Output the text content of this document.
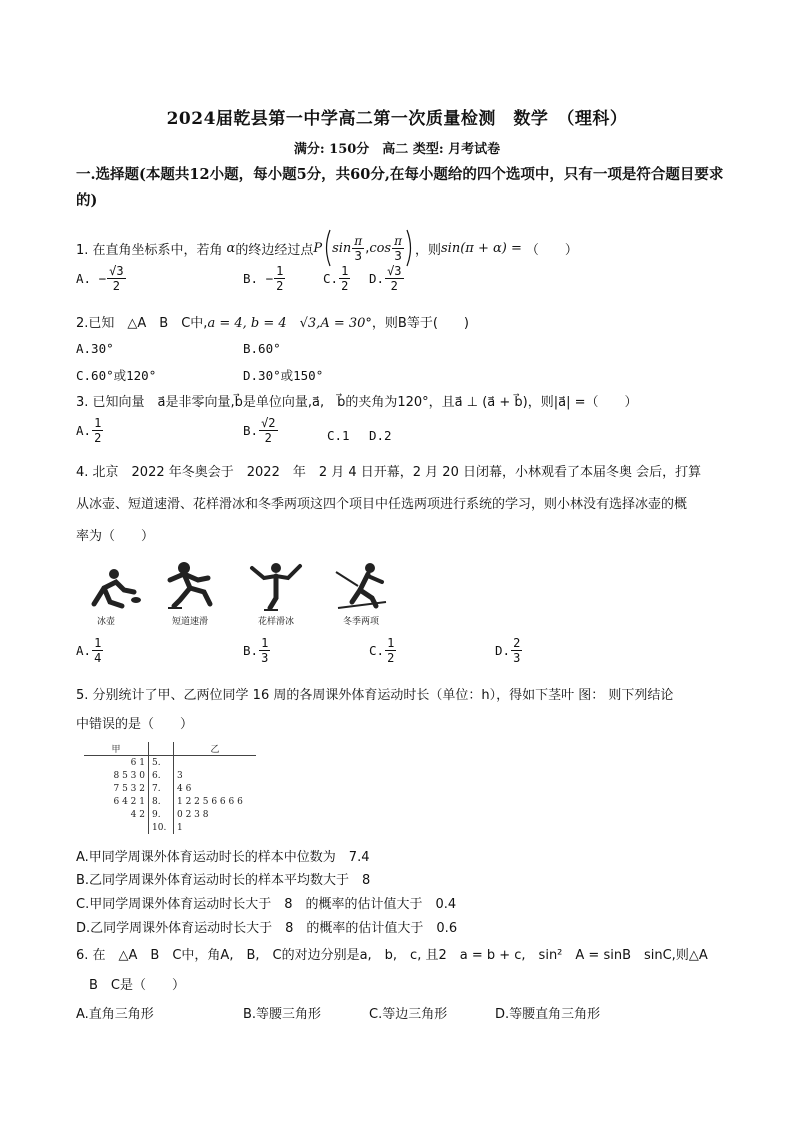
2024届乾县第一中学高二第一次质量检测　数学　（理科）
满分: 150分　高二 类型: 月考试卷
一.选择题(本题共12小题，每小题5分，共60分,在每小题给的四个选项中，只有一项是符合题目要求的)
1. 在直角坐标系中，若角 α 的终边经过点 P $\sin \frac{\pi}{3}$ , $\cos \frac{\pi}{3}$ ，则 sin(π + α) = （　　）
A. − $\frac{√3}{2}$	B. − $\frac{1}{2}$	C. $\frac{1}{2} D$. $\frac{√3}{2}$
2.已知　△A　B　C中,a = 4, b = 4　√3,A = 30°，则B等于(　　)
A.30°	B.60°
C.60°或120°	D.30°或150°
3. 已知向量　a⃗是非零向量,b⃗是单位向量,a⃗,　b⃗的夹角为120°，且a⃗ ⊥ (a⃗ + b⃗)，则|a⃗| =（　　）
A. $\frac{1}{2}$	B. $\frac{√2}{2}$	C.1 D.2
4. 北京　2022 年冬奥会于　2022　年　2 月 4 日开幕，2 月 20 日闭幕，小林观看了本届冬奥 会后，打算
从冰壶、短道速滑、花样滑冰和冬季两项这四个项目中任选两项进行系统的学习，则小林没有选择冰壶的概
率为（　　）
冰壶	短道速滑	花样滑冰	冬季两项
A. $\frac{1}{4}$	B. $\frac{1}{3}$	C. $\frac{1}{2}$	D. $\frac{2}{3}$
5. 分别统计了甲、乙两位同学 16 周的各周课外体育运动时长（单位：h），得如下茎叶 图： 则下列结论
中错误的是（　　）
甲		乙
6 1	5.	
8 5 3 0	6.	3
7 5 3 2	7.	4 6
6 4 2 1	8.	1 2 2 5 6 6 6 6
4 2	9.	0 2 3 8
	10.	1
A.甲同学周课外体育运动时长的样本中位数为　7.4
B.乙同学周课外体育运动时长的样本平均数大于　8
C.甲同学周课外体育运动时长大于　8　的概率的估计值大于　0.4
D.乙同学周课外体育运动时长大于　8　的概率的估计值大于　0.6
6. 在　△A　B　C中，角A,　B,　C的对边分别是a,　b,　c, 且2　a = b + c,　sin²　A = sinB　sinC,则△A
　B　C是（　　）
A.直角三角形	B.等腰三角形	C.等边三角形	D.等腰直角三角形
